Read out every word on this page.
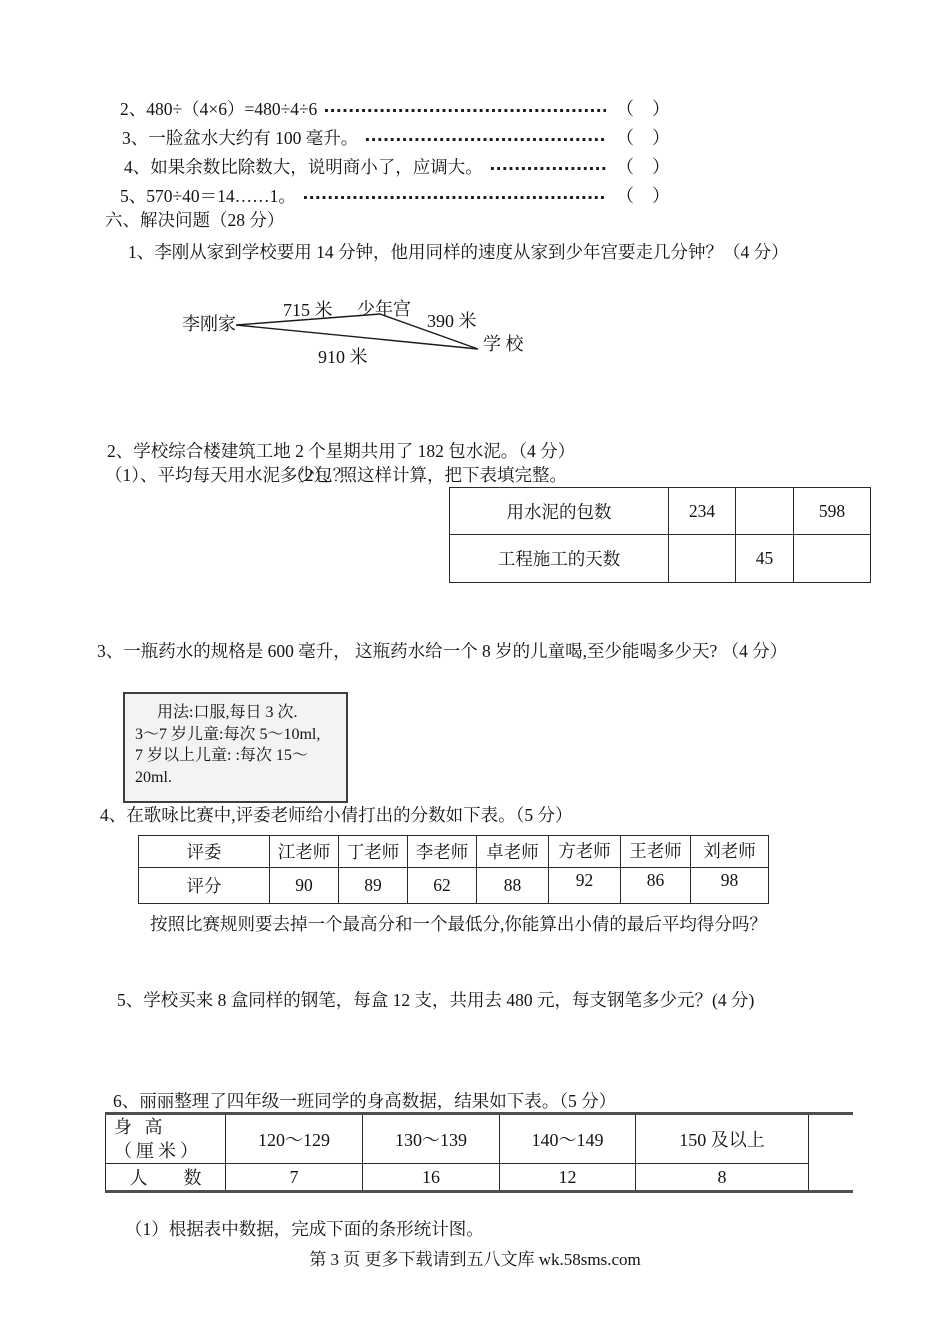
2、480÷（4×6）=480÷4÷6	（　）
3、一脸盆水大约有 100 毫升。	（　）
4、如果余数比除数大，说明商小了，应调大。	（　）
5、570÷40＝14……1。	（　）
六、解决问题（28 分）
1、李刚从家到学校要用 14 分钟，他用同样的速度从家到少年宫要走几分钟？（4 分）
李刚家
715 米 少年宫
390 米
学 校
910 米
2、学校综合楼建筑工地 2 个星期共用了 182 包水泥。（4 分）
（1）、平均每天用水泥多少包？
（2）、照这样计算，把下表填完整。
用水泥的包数	234		598
工程施工的天数		45	
3、一瓶药水的规格是 600 毫升， 这瓶药水给一个 8 岁的儿童喝,至少能喝多少天? （4 分）
用法:口服,每日 3 次.
3～7 岁儿童:每次 5～10ml,
7 岁以上儿童: :每次 15～
20ml.
4、在歌咏比赛中,评委老师给小倩打出的分数如下表。（5 分）
评委	江老师	丁老师	李老师	卓老师	方老师	王老师	刘老师
评分	90	89	62	88	92	86	98
按照比赛规则要去掉一个最高分和一个最低分,你能算出小倩的最后平均得分吗？
5、学校买来 8 盒同样的钢笔，每盒 12 支，共用去 480 元，每支钢笔多少元？(4 分)
6、丽丽整理了四年级一班同学的身高数据，结果如下表。（5 分）
身 高 （厘米）	120～129	130～139	140～149	150 及以上
人　　数	7	16	12	8
（1）根据表中数据，完成下面的条形统计图。
第 3 页 更多下载请到五八文库 wk.58sms.com
